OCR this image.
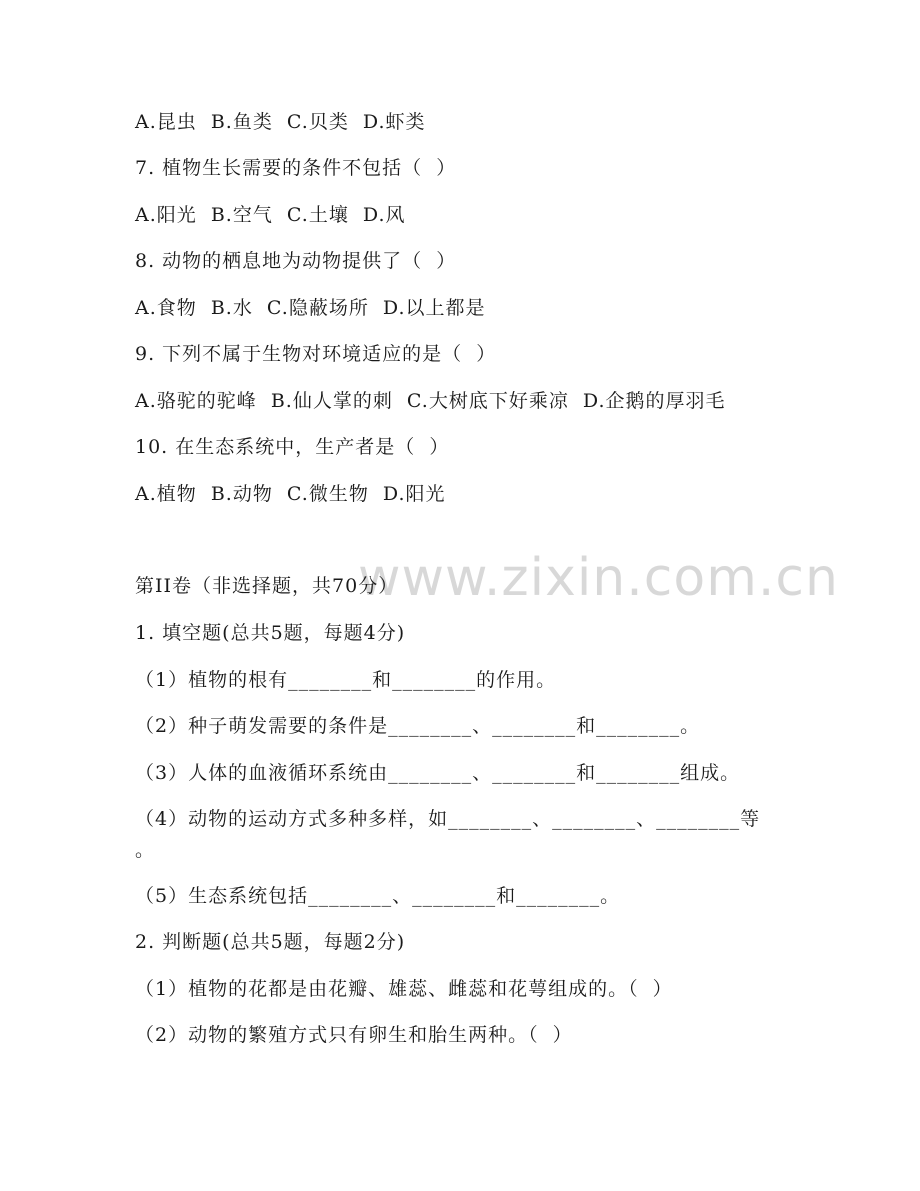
www.zixin.com.cn
A.昆虫  B.鱼类  C.贝类  D.虾类
7. 植物生长需要的条件不包括（  ）
A.阳光  B.空气  C.土壤  D.风
8. 动物的栖息地为动物提供了（  ）
A.食物  B.水  C.隐蔽场所  D.以上都是
9. 下列不属于生物对环境适应的是（  ）
A.骆驼的驼峰  B.仙人掌的刺  C.大树底下好乘凉  D.企鹅的厚羽毛
10. 在生态系统中，生产者是（  ）
A.植物  B.动物  C.微生物  D.阳光
第II卷（非选择题，共70分）
1. 填空题(总共5题，每题4分)
（1）植物的根有________和________的作用。
（2）种子萌发需要的条件是________、________和________。
（3）人体的血液循环系统由________、________和________组成。
（4）动物的运动方式多种多样，如________、________、________等
。
（5）生态系统包括________、________和________。
2. 判断题(总共5题，每题2分)
（1）植物的花都是由花瓣、雄蕊、雌蕊和花萼组成的。（  ）
（2）动物的繁殖方式只有卵生和胎生两种。（  ）
